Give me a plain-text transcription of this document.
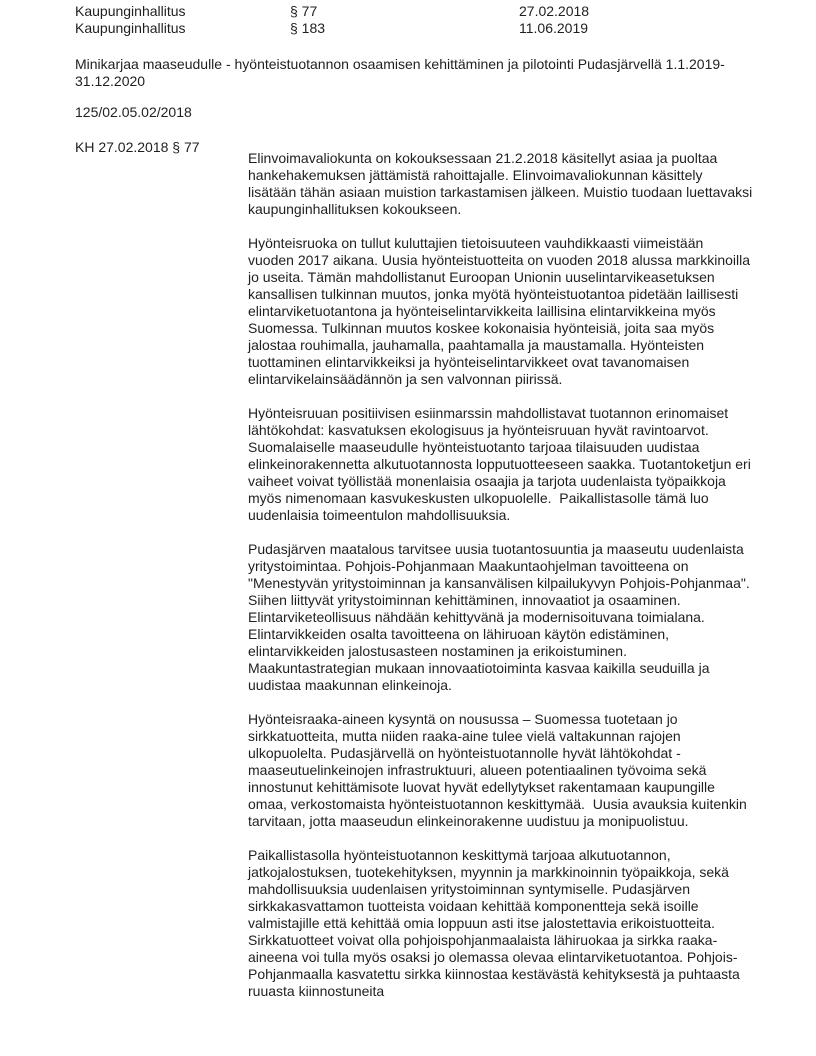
Kaupunginhallitus	§ 77	27.02.2018
Kaupunginhallitus	§ 183	11.06.2019
Minikarjaa maaseudulle - hyönteistuotannon osaamisen kehittäminen ja pilotointi Pudasjärvellä 1.1.2019-31.12.2020
125/02.05.02/2018
KH 27.02.2018 § 77

Elinvoimavaliokunta on kokouksessaan 21.2.2018 käsitellyt asiaa ja puoltaa hankehakemuksen jättämistä rahoittajalle. Elinvoimavaliokunnan käsittely lisätään tähän asiaan muistion tarkastamisen jälkeen. Muistio tuodaan luettavaksi kaupunginhallituksen kokoukseen.

Hyönteisruoka on tullut kuluttajien tietoisuuteen vauhdikkaasti viimeistään vuoden 2017 aikana. Uusia hyönteistuotteita on vuoden 2018 alussa markkinoilla jo useita. Tämän mahdollistanut Euroopan Unionin uuselintarvikeasetuksen kansallisen tulkinnan muutos, jonka myötä hyönteistuotantoa pidetään laillisesti elintarviketuotantona ja hyönteiselintarvikkeita laillisina elintarvikkeina myös Suomessa. Tulkinnan muutos koskee kokonaisia hyönteisiä, joita saa myös jalostaa rouhimalla, jauhamalla, paahtamalla ja maustamalla. Hyönteisten tuottaminen elintarvikkeiksi ja hyönteiselintarvikkeet ovat tavanomaisen elintarvikelainsäädännön ja sen valvonnan piirissä.

Hyönteisruuan positiivisen esiinmarssin mahdollistavat tuotannon erinomaiset lähtökohdat: kasvatuksen ekologisuus ja hyönteisruuan hyvät ravintoarvot. Suomalaiselle maaseudulle hyönteistuotanto tarjoaa tilaisuuden uudistaa elinkeinorakennetta alkutuotannosta lopputuotteeseen saakka. Tuotantoketjun eri vaiheet voivat työllistää monenlaisia osaajia ja tarjota uudenlaista työpaikkoja myös nimenomaan kasvukeskusten ulkopuolelle.  Paikallistasolle tämä luo uudenlaisia toimeentulon mahdollisuuksia.

Pudasjärven maatalous tarvitsee uusia tuotantosuuntia ja maaseutu uudenlaista yritystoimintaa. Pohjois-Pohjanmaan Maakuntaohjelman tavoitteena on "Menestyvän yritystoiminnan ja kansanvälisen kilpailukyvyn Pohjois-Pohjanmaa".  Siihen liittyvät yritystoiminnan kehittäminen, innovaatiot ja osaaminen. Elintarviketeollisuus nähdään kehittyvänä ja modernisoituvana toimialana. Elintarvikkeiden osalta tavoitteena on lähiruoan käytön edistäminen, elintarvikkeiden jalostusasteen nostaminen ja erikoistuminen. Maakuntastrategian mukaan innovaatiotoiminta kasvaa kaikilla seuduilla ja uudistaa maakunnan elinkeinoja.

Hyönteisraaka-aineen kysyntä on nousussa – Suomessa tuotetaan jo sirkkatuotteita, mutta niiden raaka-aine tulee vielä valtakunnan rajojen ulkopuolelta. Pudasjärvellä on hyönteistuotannolle hyvät lähtökohdat - maaseutuelinkeinojen infrastruktuuri, alueen potentiaalinen työvoima sekä innostunut kehittämisote luovat hyvät edellytykset rakentamaan kaupungille omaa, verkostomaista hyönteistuotannon keskittymää.  Uusia avauksia kuitenkin tarvitaan, jotta maaseudun elinkeinorakenne uudistuu ja monipuolistuu.

Paikallistasolla hyönteistuotannon keskittymä tarjoaa alkutuotannon, jatkojalostuksen, tuotekehityksen, myynnin ja markkinoinnin työpaikkoja, sekä mahdollisuuksia uudenlaisen yritystoiminnan syntymiselle. Pudasjärven sirkkakasvattamon tuotteista voidaan kehittää komponentteja sekä isoille valmistajille että kehittää omia loppuun asti itse jalostettavia erikoistuotteita. Sirkkatuotteet voivat olla pohjoispohjanmaalaista lähiruokaa ja sirkka raaka-aineena voi tulla myös osaksi jo olemassa olevaa elintarviketuotantoa. Pohjois-Pohjanmaalla kasvatettu sirkka kiinnostaa kestävästä kehityksestä ja puhtaasta ruuasta kiinnostuneita
